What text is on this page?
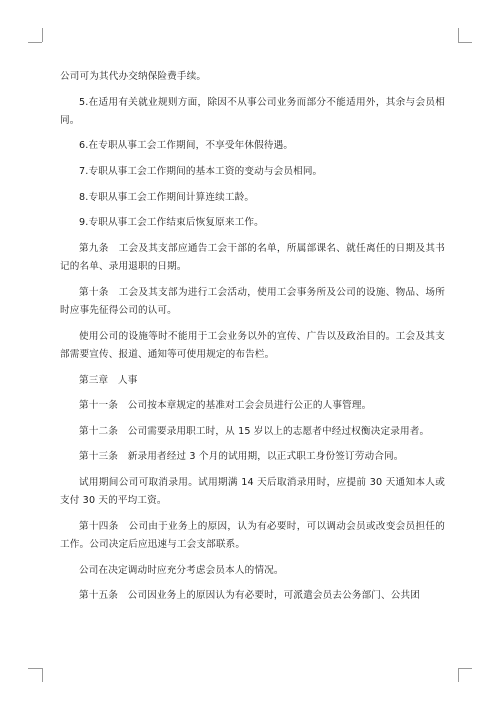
公司可为其代办交纳保险费手续。

5.在适用有关就业规则方面，除因不从事公司业务而部分不能适用外，其余与会员相同。

6.在专职从事工会工作期间，不享受年休假待遇。

7.专职从事工会工作期间的基本工资的变动与会员相同。

8.专职从事工会工作期间计算连续工龄。

9.专职从事工会工作结束后恢复原来工作。

第九条　工会及其支部应通告工会干部的名单，所属部课名、就任离任的日期及其书记的名单、录用退职的日期。

第十条　工会及其支部为进行工会活动，使用工会事务所及公司的设施、物品、场所时应事先征得公司的认可。

使用公司的设施等时不能用于工会业务以外的宣传、广告以及政治目的。工会及其支部需要宣传、报道、通知等可使用规定的布告栏。

第三章　人事

第十一条　公司按本章规定的基准对工会会员进行公正的人事管理。

第十二条　公司需要录用职工时，从 15 岁以上的志愿者中经过权衡决定录用者。

第十三条　新录用者经过 3 个月的试用期，以正式职工身份签订劳动合同。

试用期间公司可取消录用。试用期满 14 天后取消录用时，应提前 30 天通知本人或支付 30 天的平均工资。

第十四条　公司由于业务上的原因，认为有必要时，可以调动会员或改变会员担任的工作。公司决定后应迅速与工会支部联系。

公司在决定调动时应充分考虑会员本人的情况。

第十五条　公司因业务上的原因认为有必要时，可派遣会员去公务部门、公共团
